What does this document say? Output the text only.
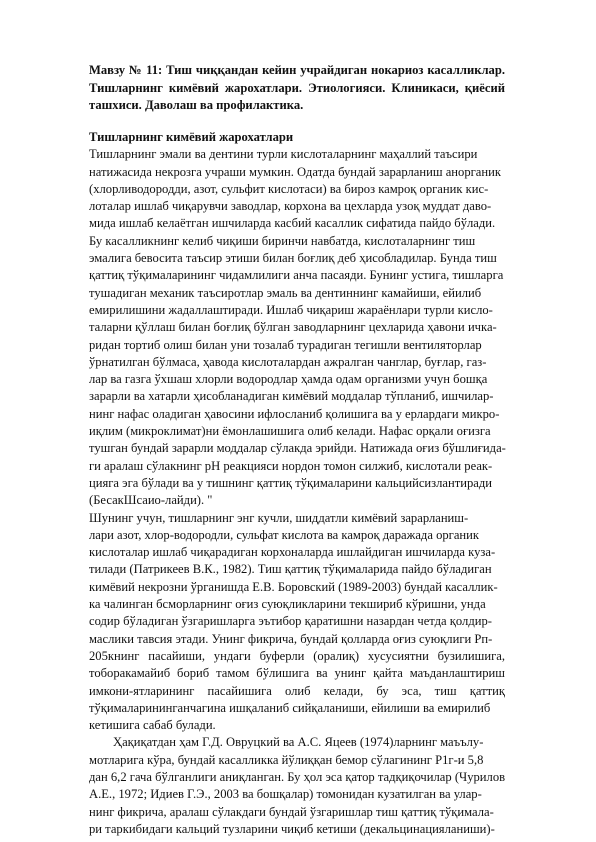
Мавзу № 11: Тиш чиққандан кейин учрайдиган нокариоз касалликлар. Тишларнинг кимёвий жарохатлари. Этиологияси. Клиникаси, қиёсий ташхиси. Даволаш ва профилактика.

Тишларнинг кимёвий жарохатлари

Тишларнинг эмали ва дентини турли кислоталарнинг маҳаллий таъсири

натижасида некрозга учраши мумкин. Одатда бундай зарарланиш анорганик

(хлорливодородди, азот, сульфит кислотаси) ва бироз камроқ органик кис-

лоталар ишлаб чиқарувчи заводлар, корхона ва цехларда узоқ муддат даво-

мида ишлаб келаётган ишчиларда касбий касаллик сифатида пайдо бўлади.

Бу касалликнинг келиб чиқиши биринчи навбатда, кислоталарнинг тиш

эмалига бевосита таъсир этиши билан боғлиқ деб ҳисобладилар. Бунда тиш

қаттиқ тўқималарининг чидамлилиги анча пасаяди. Бунинг устига, тишларга

тушадиган механик таъсиротлар эмаль ва дентиннинг камайиши, ейилиб

емирилишини жадаллаштиради. Ишлаб чиқариш жараёнлари турли кисло-

таларни қўллаш билан боғлиқ бўлган заводларнинг цехларида ҳавони ичка-

ридан тортиб олиш билан уни тозалаб турадиган тегишли вентиляторлар

ўрнатилган бўлмаса, ҳавода кислоталардан ажралган чанглар, буғлар, газ-

лар ва газга ўхшаш хлорли водородлар ҳамда одам организми учун бошқа

зарарли ва хатарли ҳисобланадиган кимёвий моддалар тўпланиб, ишчилар-

нинг нафас оладиган ҳавосини ифлосланиб қолишига ва у ерлардаги микро-

иқлим (микроклимат)ни ёмонлашишига олиб келади. Нафас орқали оғизга

тушган бундай зарарли моддалар сўлакда эрийди. Натижада оғиз бўшлиғида-

ги аралаш сўлакнинг рН реакцияси нордон томон силжиб, кислотали реак-

цияга эга бўлади ва у тишнинг қаттиқ тўқималарини кальцийсизлантиради

(БесакШсаио-лайди). "

Шунинг учун, тишларнинг энг кучли, шиддатли кимёвий зарарланиш-

лари азот, хлор-водородли, сульфат кислота ва камроқ даражада органик

кислоталар ишлаб чиқарадиган корхоналарда ишлайдиган ишчиларда куза-

тилади (Патрикеев В.К., 1982). Тиш қаттиқ тўқималарида пайдо бўладиган

кимёвий некрозни ўрганишда Е.В. Боровский (1989-2003) бундай касаллик-

ка чалинган бсморларнинг оғиз суюқликларини текшириб кўришни, унда

содир бўладиган ўзгаришларга эътибор қаратишни назардан четда қолдир-

маслики тавсия этади. Унинг фикрича, бундай қолларда оғиз суюқлиги Рп-

205книнг пасайиши, ундаги буферли (оралиқ) хусусиятни бузилишига,

тоборакамайиб бориб тамом бўлишига ва унинг қайта маъданлаштириш

имкони-ятларининг пасайишига олиб келади, бу эса, тиш қаттиқ

тўқималарининганчагина ишқаланиб сийқаланиши, ейилиши ва емирилиб

кетишига сабаб булади.

Ҳақиқатдан ҳам Г.Д. Овруцкий ва А.С. Яцеев (1974)ларнинг маъълу-

мотларига кўра, бундай касалликка йўлиққан бемор сўлагининг Р1г-и 5,8

дан 6,2 гача бўлганлиги аниқланган. Бу ҳол эса қатор тадқиқочилар (Чурилов

А.Е., 1972; Идиев Г.Э., 2003 ва бошқалар) томонидан кузатилган ва улар-

нинг фикрича, аралаш сўлакдаги бундай ўзгаришлар тиш қаттиқ тўқимала-

ри таркибидаги кальций тузларини чиқиб кетиши (декальцинацияланиши)-
